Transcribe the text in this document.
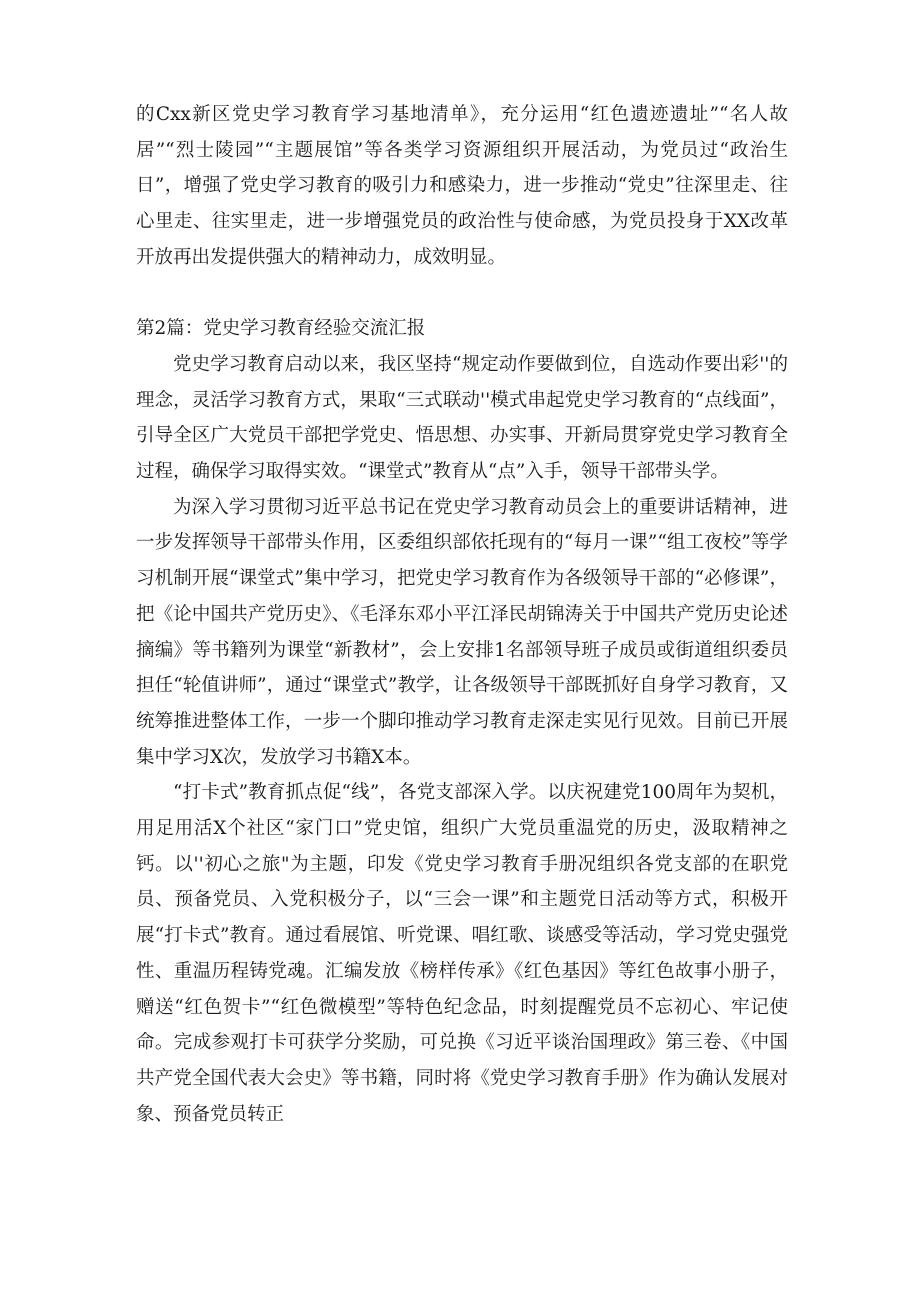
的Cxx新区党史学习教育学习基地清单》，充分运用“红色遗迹遗址”“名人故居”“烈士陵园”“主题展馆”等各类学习资源组织开展活动，为党员过“政治生日”，增强了党史学习教育的吸引力和感染力，进一步推动“党史”往深里走、往心里走、往实里走，进一步增强党员的政治性与使命感，为党员投身于XX改革开放再出发提供强大的精神动力，成效明显。

第2篇：党史学习教育经验交流汇报

党史学习教育启动以来，我区坚持“规定动作要做到位，自选动作要出彩''的理念，灵活学习教育方式，果取“三式联动''模式串起党史学习教育的“点线面”，引导全区广大党员干部把学党史、悟思想、办实事、开新局贯穿党史学习教育全过程，确保学习取得实效。“课堂式”教育从“点”入手，领导干部带头学。

为深入学习贯彻习近平总书记在党史学习教育动员会上的重要讲话精神，进一步发挥领导干部带头作用，区委组织部依托现有的“每月一课”“组工夜校”等学习机制开展“课堂式”集中学习，把党史学习教育作为各级领导干部的“必修课”，把《论中国共产党历史》、《毛泽东邓小平江泽民胡锦涛关于中国共产党历史论述摘编》等书籍列为课堂“新教材”，会上安排1名部领导班子成员或街道组织委员担任“轮值讲师”，通过“课堂式”教学，让各级领导干部既抓好自身学习教育，又统筹推进整体工作，一步一个脚印推动学习教育走深走实见行见效。目前已开展集中学习X次，发放学习书籍X本。

“打卡式”教育抓点促“线”，各党支部深入学。以庆祝建党100周年为契机，用足用活X个社区“家门口”党史馆，组织广大党员重温党的历史，汲取精神之钙。以''初心之旅"为主题，印发《党史学习教育手册况组织各党支部的在职党员、预备党员、入党积极分子，以“三会一课”和主题党日活动等方式，积极开展“打卡式”教育。通过看展馆、听党课、唱红歌、谈感受等活动，学习党史强党性、重温历程铸党魂。汇编发放《榜样传承》《红色基因》等红色故事小册子，赠送“红色贺卡”“红色微模型”等特色纪念品，时刻提醒党员不忘初心、牢记使命。完成参观打卡可获学分奖励，可兑换《习近平谈治国理政》第三卷、《中国共产党全国代表大会史》等书籍，同时将《党史学习教育手册》作为确认发展对象、预备党员转正
